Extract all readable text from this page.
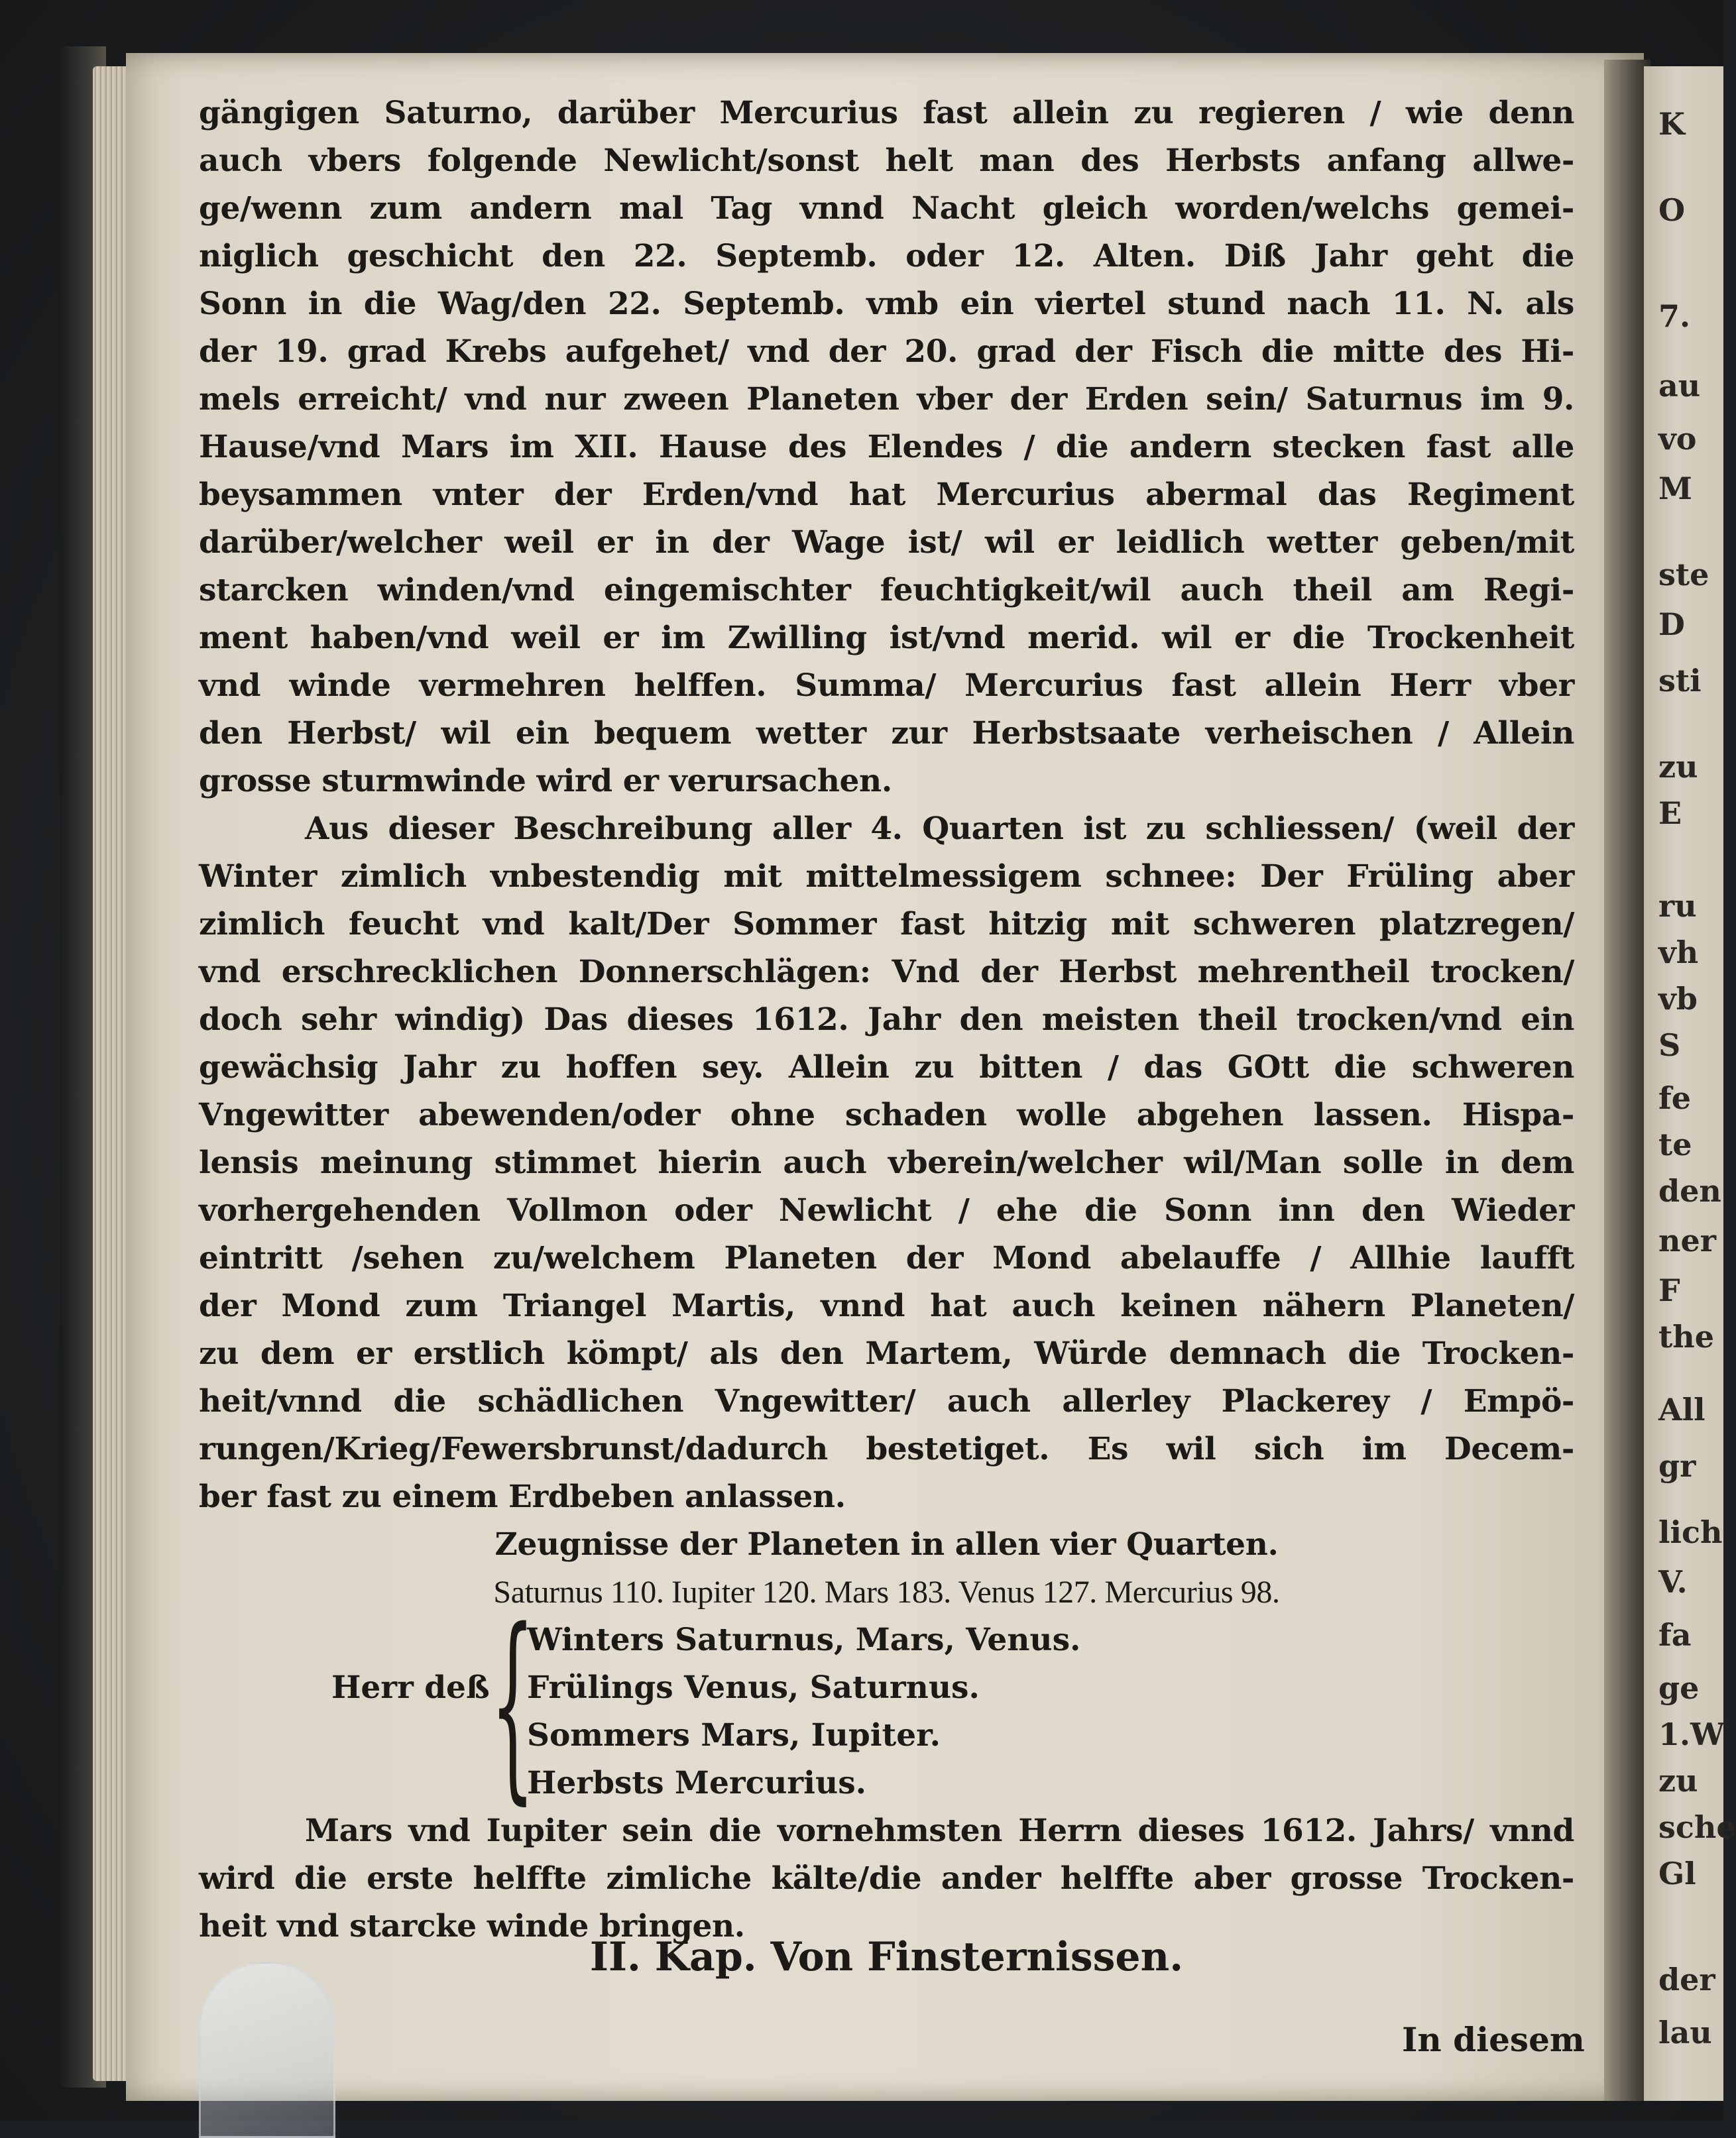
gängigen Saturno, darüber Mercurius fast allein zu regieren / wie denn
auch vbers folgende Newlicht/sonst helt man des Herbsts anfang allwe-
ge/wenn zum andern mal Tag vnnd Nacht gleich worden/welchs gemei-
niglich geschicht den 22. Septemb. oder 12. Alten. Diß Jahr geht die
Sonn in die Wag/den 22. Septemb. vmb ein viertel stund nach 11. N. als
der 19. grad Krebs aufgehet/ vnd der 20. grad der Fisch die mitte des Hi-
mels erreicht/ vnd nur zween Planeten vber der Erden sein/ Saturnus im 9.
Hause/vnd Mars im XII. Hause des Elendes / die andern stecken fast alle
beysammen vnter der Erden/vnd hat Mercurius abermal das Regiment
darüber/welcher weil er in der Wage ist/ wil er leidlich wetter geben/mit
starcken winden/vnd eingemischter feuchtigkeit/wil auch theil am Regi-
ment haben/vnd weil er im Zwilling ist/vnd merid. wil er die Trockenheit
vnd winde vermehren helffen. Summa/ Mercurius fast allein Herr vber
den Herbst/ wil ein bequem wetter zur Herbstsaate verheischen / Allein
grosse sturmwinde wird er verursachen.
Aus dieser Beschreibung aller 4. Quarten ist zu schliessen/ (weil der
Winter zimlich vnbestendig mit mittelmessigem schnee: Der Früling aber
zimlich feucht vnd kalt/Der Sommer fast hitzig mit schweren platzregen/
vnd erschrecklichen Donnerschlägen: Vnd der Herbst mehrentheil trocken/
doch sehr windig) Das dieses 1612. Jahr den meisten theil trocken/vnd ein
gewächsig Jahr zu hoffen sey. Allein zu bitten / das GOtt die schweren
Vngewitter abewenden/oder ohne schaden wolle abgehen lassen. Hispa-
lensis meinung stimmet hierin auch vberein/welcher wil/Man solle in dem
vorhergehenden Vollmon oder Newlicht / ehe die Sonn inn den Wieder
eintritt /sehen zu/welchem Planeten der Mond abelauffe / Allhie laufft
der Mond zum Triangel Martis, vnnd hat auch keinen nähern Planeten/
zu dem er erstlich kömpt/ als den Martem, Würde demnach die Trocken-
heit/vnnd die schädlichen Vngewitter/ auch allerley Plackerey / Empö-
rungen/Krieg/Fewersbrunst/dadurch bestetiget. Es wil sich im Decem-
ber fast zu einem Erdbeben anlassen.
Zeugnisse der Planeten in allen vier Quarten.
Saturnus 110. Iupiter 120. Mars 183. Venus 127. Mercurius 98.
{
Winters Saturnus, Mars, Venus.
Herr deß Frülings Venus, Saturnus.
Sommers Mars, Iupiter.
Herbsts Mercurius.
Mars vnd Iupiter sein die vornehmsten Herrn dieses 1612. Jahrs/ vnnd
wird die erste helffte zimliche kälte/die ander helffte aber grosse Trocken-
heit vnd starcke winde bringen.
II. Kap. Von Finsternissen.
In diesem
K
O
7.
au
vo
M
ste
D
sti
zu
E
ru
vh
vb
S
fe
te
den
ner
F
the
All
gr
lich
V.
fa
ge
1.W
zu
sche
Gl
der
lau
